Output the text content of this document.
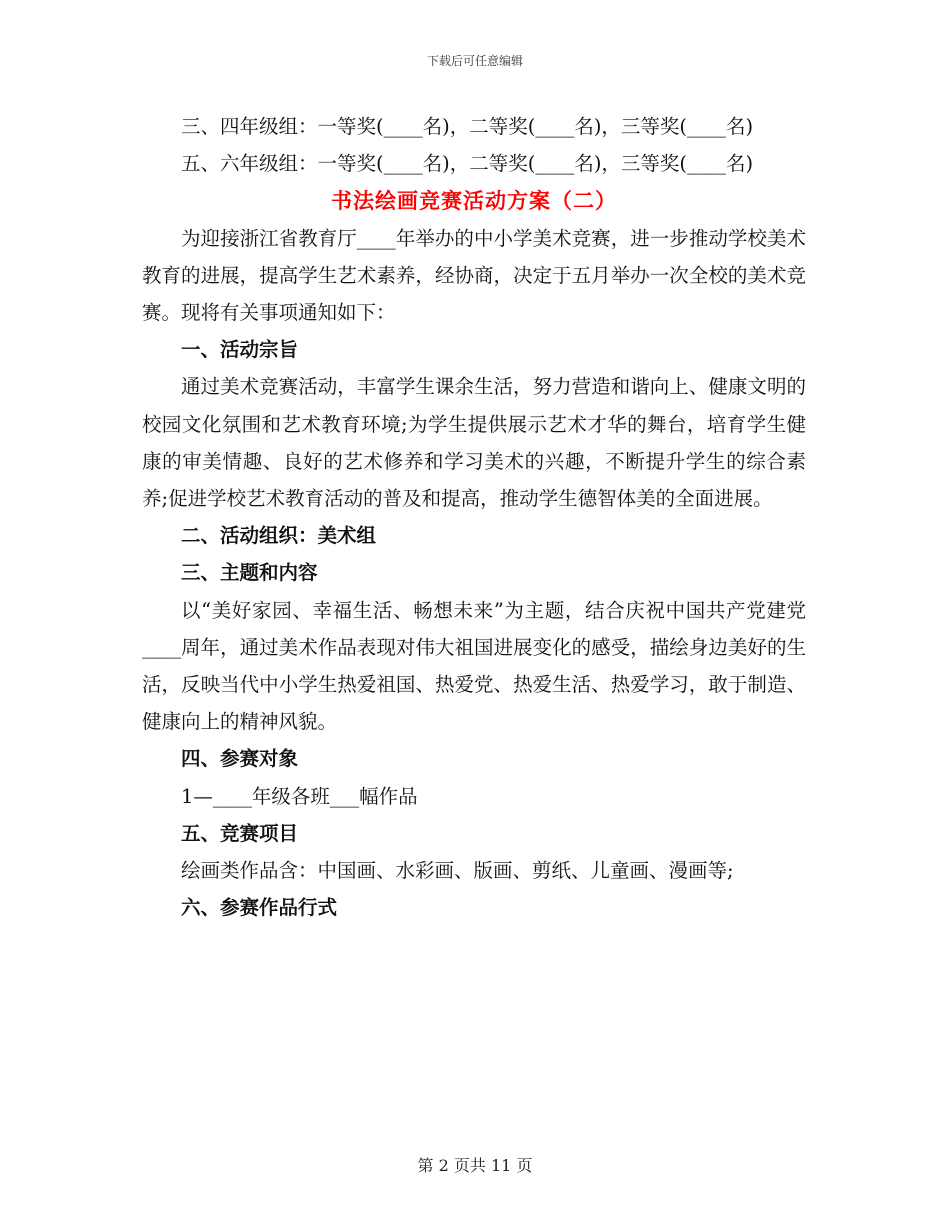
下载后可任意编辑

三、四年级组：一等奖(____名)，二等奖(____名)，三等奖(____名)

五、六年级组：一等奖(____名)，二等奖(____名)，三等奖(____名)

书法绘画竞赛活动方案（二）

为迎接浙江省教育厅____年举办的中小学美术竞赛，进一步推动学校美术教育的进展，提高学生艺术素养，经协商，决定于五月举办一次全校的美术竞赛。现将有关事项通知如下：

一、活动宗旨

通过美术竞赛活动，丰富学生课余生活，努力营造和谐向上、健康文明的校园文化氛围和艺术教育环境;为学生提供展示艺术才华的舞台，培育学生健康的审美情趣、良好的艺术修养和学习美术的兴趣，不断提升学生的综合素养;促进学校艺术教育活动的普及和提高，推动学生德智体美的全面进展。

二、活动组织：美术组

三、主题和内容

以“美好家园、幸福生活、畅想未来”为主题，结合庆祝中国共产党建党____周年，通过美术作品表现对伟大祖国进展变化的感受，描绘身边美好的生活，反映当代中小学生热爱祖国、热爱党、热爱生活、热爱学习，敢于制造、健康向上的精神风貌。

四、参赛对象

1—____年级各班___幅作品

五、竞赛项目

绘画类作品含：中国画、水彩画、版画、剪纸、儿童画、漫画等;

六、参赛作品行式

第 2 页共 11 页
